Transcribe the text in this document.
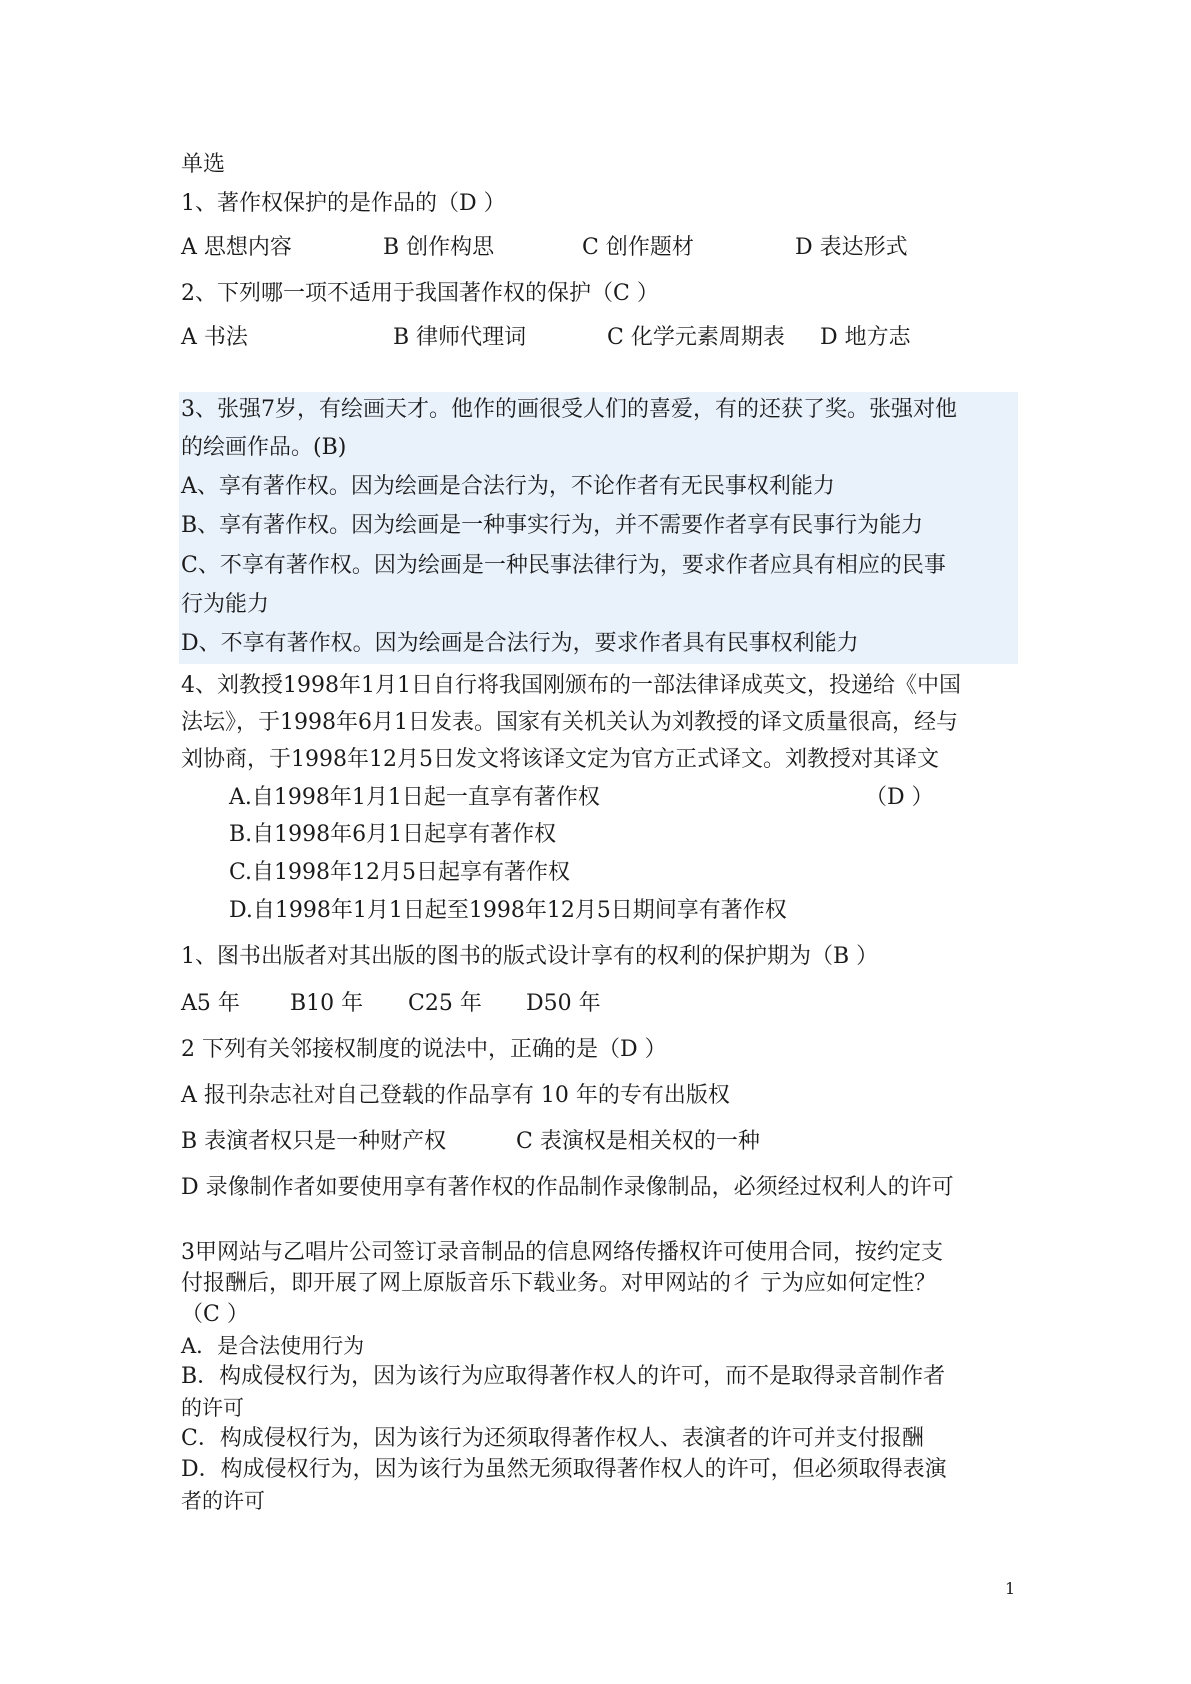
单选
1、著作权保护的是作品的（D ）
A 思想内容	B 创作构思	C 创作题材	D 表达形式
2、下列哪一项不适用于我国著作权的保护（C ）
A 书法	B 律师代理词	C 化学元素周期表 D 地方志
3、张强7岁，有绘画天才。他作的画很受人们的喜爱，有的还获了奖。张强对他
的绘画作品。(B)
A、享有著作权。因为绘画是合法行为，不论作者有无民事权利能力
B、享有著作权。因为绘画是一种事实行为，并不需要作者享有民事行为能力
C、不享有著作权。因为绘画是一种民事法律行为，要求作者应具有相应的民事
行为能力
D、不享有著作权。因为绘画是合法行为，要求作者具有民事权利能力
4、刘教授1998年1月1日自行将我国刚颁布的一部法律译成英文，投递给《中国
法坛》，于1998年6月1日发表。国家有关机关认为刘教授的译文质量很高，经与
刘协商，于1998年12月5日发文将该译文定为官方正式译文。刘教授对其译文
A.自1998年1月1日起一直享有著作权	（D ）
B.自1998年6月1日起享有著作权
C.自1998年12月5日起享有著作权
D.自1998年1月1日起至1998年12月5日期间享有著作权
1、图书出版者对其出版的图书的版式设计享有的权利的保护期为（B ）
A5 年 B10 年 C25 年 D50 年
2 下列有关邻接权制度的说法中，正确的是（D ）
A 报刊杂志社对自己登载的作品享有 10 年的专有出版权
B 表演者权只是一种财产权	C 表演权是相关权的一种
D 录像制作者如要使用享有著作权的作品制作录像制品，必须经过权利人的许可
3甲网站与乙唱片公司签订录音制品的信息网络传播权许可使用合同，按约定支
付报酬后，即开展了网上原版音乐下载业务。对甲网站的彳 亍为应如何定性？
（C ）
A．是合法使用行为
B．构成侵权行为，因为该行为应取得著作权人的许可，而不是取得录音制作者
的许可
C．构成侵权行为，因为该行为还须取得著作权人、表演者的许可并支付报酬
D．构成侵权行为，因为该行为虽然无须取得著作权人的许可，但必须取得表演
者的许可
1
